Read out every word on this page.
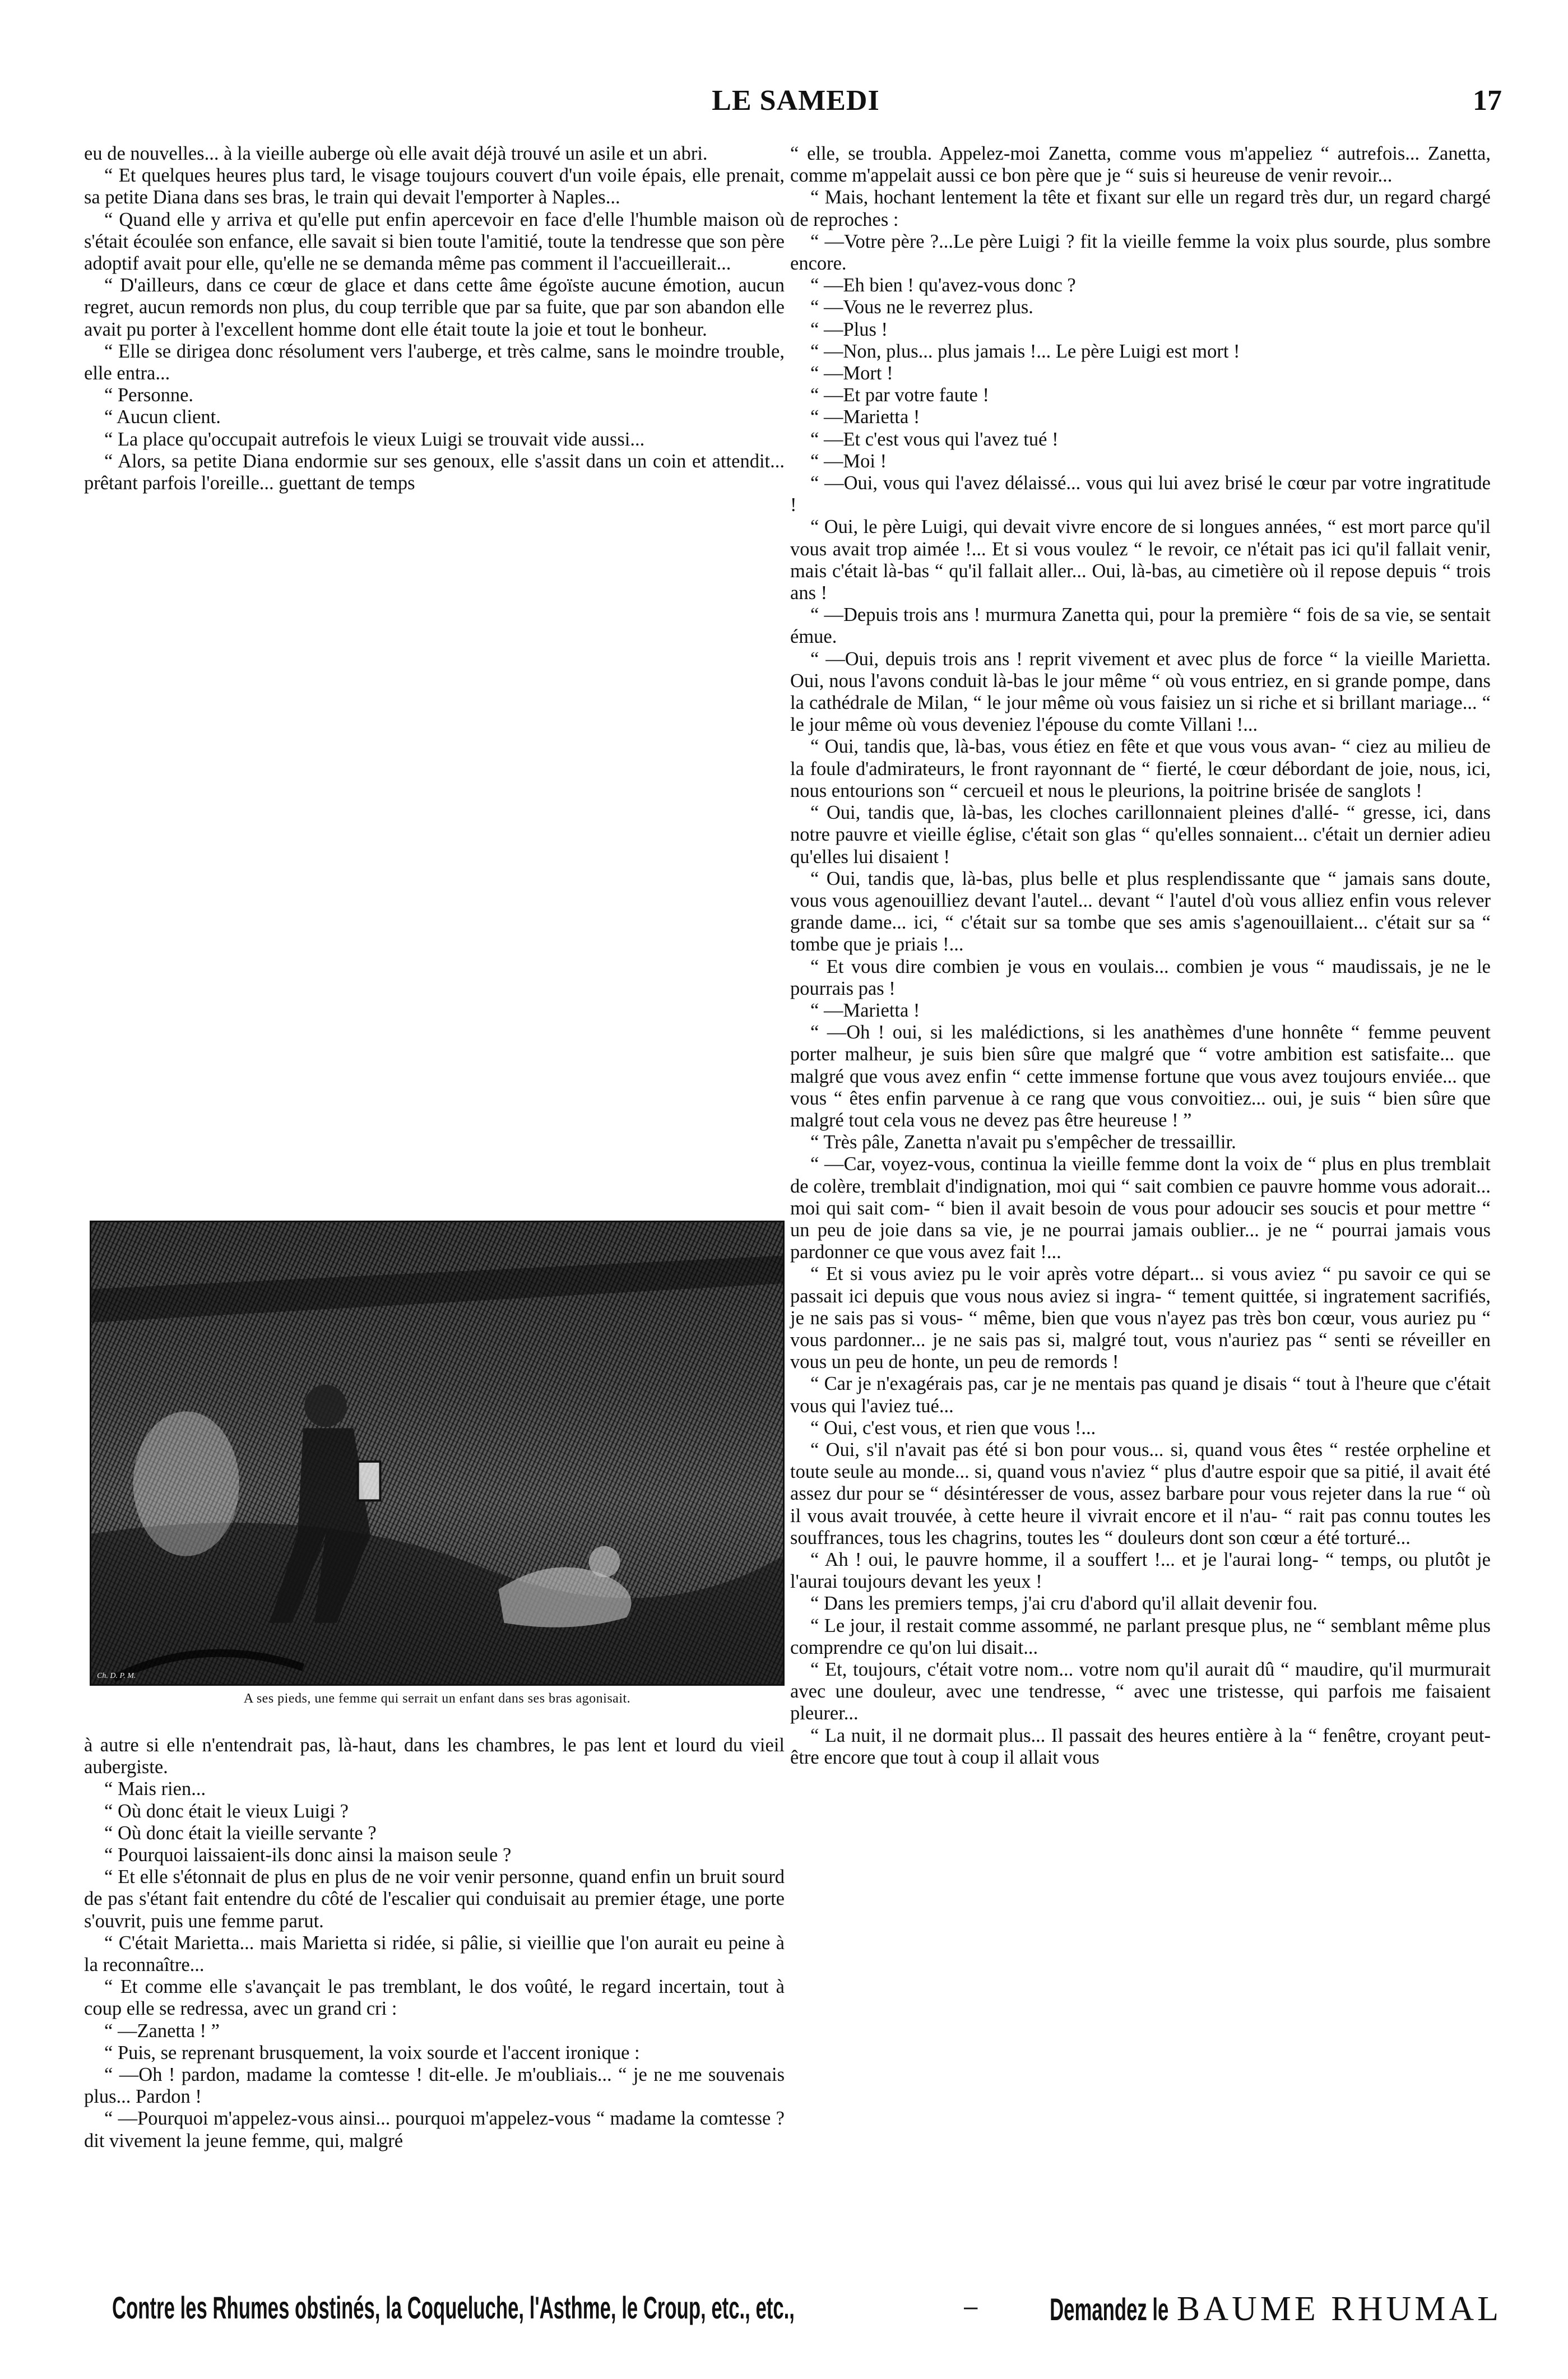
LE SAMEDI	17

eu de nouvelles... à la vieille auberge où elle avait déjà trouvé un asile et un abri.

“ Et quelques heures plus tard, le visage toujours couvert d'un voile épais, elle prenait, sa petite Diana dans ses bras, le train qui devait l'emporter à Naples...

“ Quand elle y arriva et qu'elle put enfin apercevoir en face d'elle l'humble maison où s'était écoulée son enfance, elle savait si bien toute l'amitié, toute la tendresse que son père adoptif avait pour elle, qu'elle ne se demanda même pas comment il l'accueillerait...

“ D'ailleurs, dans ce cœur de glace et dans cette âme égoïste aucune émotion, aucun regret, aucun remords non plus, du coup terrible que par sa fuite, que par son abandon elle avait pu porter à l'excellent homme dont elle était toute la joie et tout le bonheur.

“ Elle se dirigea donc résolument vers l'auberge, et très calme, sans le moindre trouble, elle entra...

“ Personne.

“ Aucun client.

“ La place qu'occupait autrefois le vieux Luigi se trouvait vide aussi...

“ Alors, sa petite Diana endormie sur ses genoux, elle s'assit dans un coin et attendit... prêtant parfois l'oreille... guettant de temps

Ch. D. P. M.
A ses pieds, une femme qui serrait un enfant dans ses bras agonisait.

à autre si elle n'entendrait pas, là-haut, dans les chambres, le pas lent et lourd du vieil aubergiste.

“ Mais rien...

“ Où donc était le vieux Luigi ?

“ Où donc était la vieille servante ?

“ Pourquoi laissaient-ils donc ainsi la maison seule ?

“ Et elle s'étonnait de plus en plus de ne voir venir personne, quand enfin un bruit sourd de pas s'étant fait entendre du côté de l'escalier qui conduisait au premier étage, une porte s'ouvrit, puis une femme parut.

“ C'était Marietta... mais Marietta si ridée, si pâlie, si vieillie que l'on aurait eu peine à la reconnaître...

“ Et comme elle s'avançait le pas tremblant, le dos voûté, le regard incertain, tout à coup elle se redressa, avec un grand cri :

“ —Zanetta ! ”

“ Puis, se reprenant brusquement, la voix sourde et l'accent ironique :

“ —Oh ! pardon, madame la comtesse ! dit-elle. Je m'oubliais... “ je ne me souvenais plus... Pardon !

“ —Pourquoi m'appelez-vous ainsi... pourquoi m'appelez-vous “ madame la comtesse ? dit vivement la jeune femme, qui, malgré

“ elle, se troubla. Appelez-moi Zanetta, comme vous m'appeliez “ autrefois... Zanetta, comme m'appelait aussi ce bon père que je “ suis si heureuse de venir revoir...

“ Mais, hochant lentement la tête et fixant sur elle un regard très dur, un regard chargé de reproches :

“ —Votre père ?...Le père Luigi ? fit la vieille femme la voix plus sourde, plus sombre encore.

“ —Eh bien ! qu'avez-vous donc ?

“ —Vous ne le reverrez plus.

“ —Plus !

“ —Non, plus... plus jamais !... Le père Luigi est mort !

“ —Mort !

“ —Et par votre faute !

“ —Marietta !

“ —Et c'est vous qui l'avez tué !

“ —Moi !

“ —Oui, vous qui l'avez délaissé... vous qui lui avez brisé le cœur par votre ingratitude !

“ Oui, le père Luigi, qui devait vivre encore de si longues années, “ est mort parce qu'il vous avait trop aimée !... Et si vous voulez “ le revoir, ce n'était pas ici qu'il fallait venir, mais c'était là-bas “ qu'il fallait aller... Oui, là-bas, au cimetière où il repose depuis “ trois ans !

“ —Depuis trois ans ! murmura Zanetta qui, pour la première “ fois de sa vie, se sentait émue.

“ —Oui, depuis trois ans ! reprit vivement et avec plus de force “ la vieille Marietta. Oui, nous l'avons conduit là-bas le jour même “ où vous entriez, en si grande pompe, dans la cathédrale de Milan, “ le jour même où vous faisiez un si riche et si brillant mariage... “ le jour même où vous deveniez l'épouse du comte Villani !...

“ Oui, tandis que, là-bas, vous étiez en fête et que vous vous avan- “ ciez au milieu de la foule d'admirateurs, le front rayonnant de “ fierté, le cœur débordant de joie, nous, ici, nous entourions son “ cercueil et nous le pleurions, la poitrine brisée de sanglots !

“ Oui, tandis que, là-bas, les cloches carillonnaient pleines d'allé- “ gresse, ici, dans notre pauvre et vieille église, c'était son glas “ qu'elles sonnaient... c'était un dernier adieu qu'elles lui disaient !

“ Oui, tandis que, là-bas, plus belle et plus resplendissante que “ jamais sans doute, vous vous agenouilliez devant l'autel... devant “ l'autel d'où vous alliez enfin vous relever grande dame... ici, “ c'était sur sa tombe que ses amis s'agenouillaient... c'était sur sa “ tombe que je priais !...

“ Et vous dire combien je vous en voulais... combien je vous “ maudissais, je ne le pourrais pas !

“ —Marietta !

“ —Oh ! oui, si les malédictions, si les anathèmes d'une honnête “ femme peuvent porter malheur, je suis bien sûre que malgré que “ votre ambition est satisfaite... que malgré que vous avez enfin “ cette immense fortune que vous avez toujours enviée... que vous “ êtes enfin parvenue à ce rang que vous convoitiez... oui, je suis “ bien sûre que malgré tout cela vous ne devez pas être heureuse ! ”

“ Très pâle, Zanetta n'avait pu s'empêcher de tressaillir.

“ —Car, voyez-vous, continua la vieille femme dont la voix de “ plus en plus tremblait de colère, tremblait d'indignation, moi qui “ sait combien ce pauvre homme vous adorait... moi qui sait com- “ bien il avait besoin de vous pour adoucir ses soucis et pour mettre “ un peu de joie dans sa vie, je ne pourrai jamais oublier... je ne “ pourrai jamais vous pardonner ce que vous avez fait !...

“ Et si vous aviez pu le voir après votre départ... si vous aviez “ pu savoir ce qui se passait ici depuis que vous nous aviez si ingra- “ tement quittée, si ingratement sacrifiés, je ne sais pas si vous- “ même, bien que vous n'ayez pas très bon cœur, vous auriez pu “ vous pardonner... je ne sais pas si, malgré tout, vous n'auriez pas “ senti se réveiller en vous un peu de honte, un peu de remords !

“ Car je n'exagérais pas, car je ne mentais pas quand je disais “ tout à l'heure que c'était vous qui l'aviez tué...

“ Oui, c'est vous, et rien que vous !...

“ Oui, s'il n'avait pas été si bon pour vous... si, quand vous êtes “ restée orpheline et toute seule au monde... si, quand vous n'aviez “ plus d'autre espoir que sa pitié, il avait été assez dur pour se “ désintéresser de vous, assez barbare pour vous rejeter dans la rue “ où il vous avait trouvée, à cette heure il vivrait encore et il n'au- “ rait pas connu toutes les souffrances, tous les chagrins, toutes les “ douleurs dont son cœur a été torturé...

“ Ah ! oui, le pauvre homme, il a souffert !... et je l'aurai long- “ temps, ou plutôt je l'aurai toujours devant les yeux !

“ Dans les premiers temps, j'ai cru d'abord qu'il allait devenir fou.

“ Le jour, il restait comme assommé, ne parlant presque plus, ne “ semblant même plus comprendre ce qu'on lui disait...

“ Et, toujours, c'était votre nom... votre nom qu'il aurait dû “ maudire, qu'il murmurait avec une douleur, avec une tendresse, “ avec une tristesse, qui parfois me faisaient pleurer...

“ La nuit, il ne dormait plus... Il passait des heures entière à la “ fenêtre, croyant peut-être encore que tout à coup il allait vous

Contre les Rhumes obstinés, la Coqueluche, l'Asthme, le Croup, etc., etc.,	–	Demandez le BAUME RHUMAL
